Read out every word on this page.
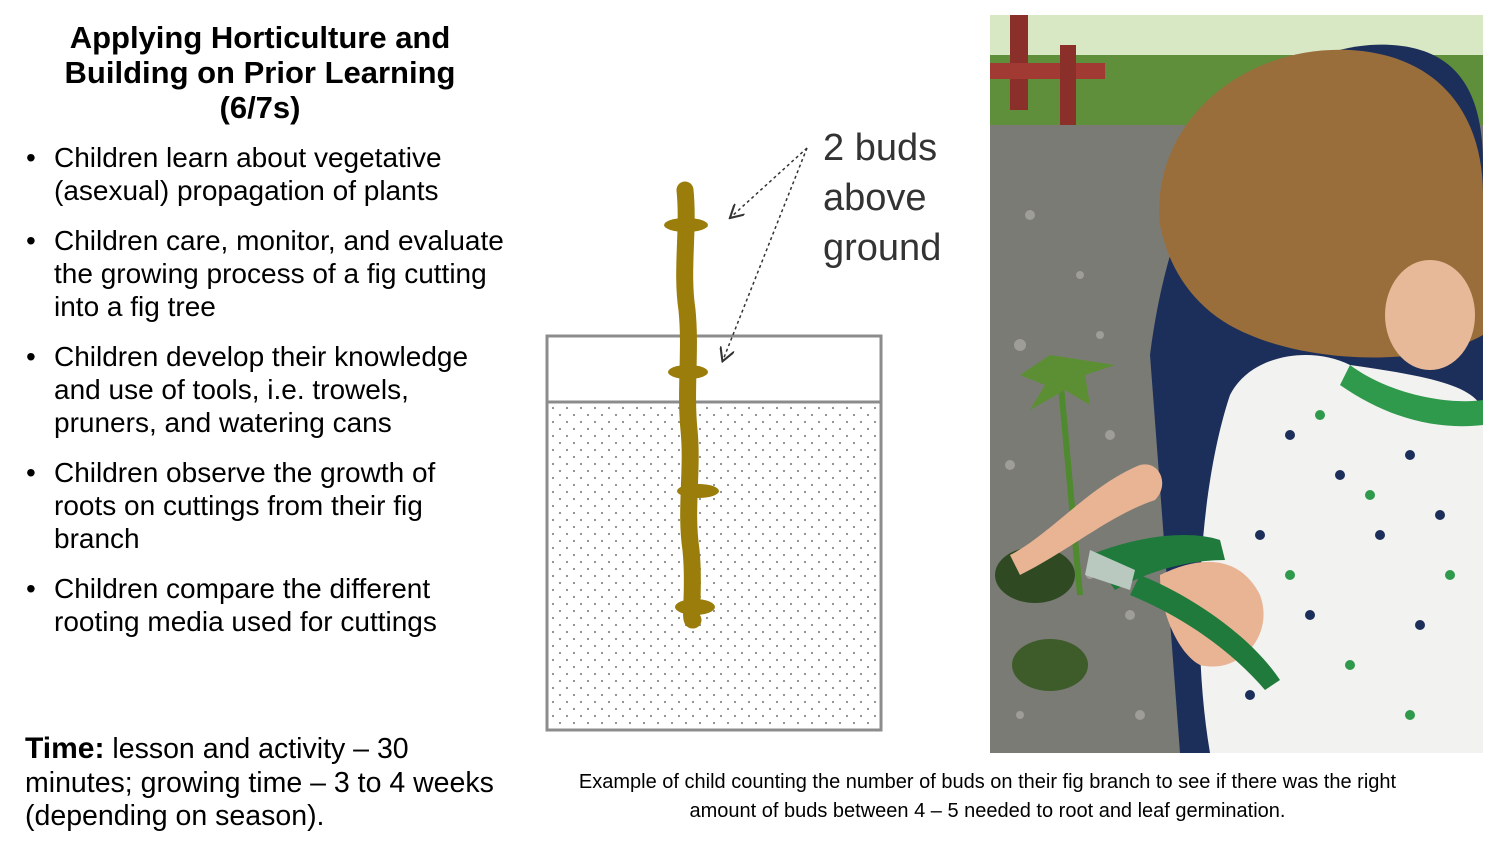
Applying Horticulture and
Building on Prior Learning
(6/7s)
• Children learn about vegetative (asexual) propagation of plants
• Children care, monitor, and evaluate the growing process of a fig cutting into a fig tree
• Children develop their knowledge and use of tools, i.e. trowels, pruners, and watering cans
• Children observe the growth of roots on cuttings from their fig branch
• Children compare the different rooting media used for cuttings
Time: lesson and activity – 30 minutes; growing time – 3 to 4 weeks (depending on season).
2 buds
above
ground
Example of child counting the number of buds on their fig branch to see if there was the right
amount of buds between 4 – 5 needed to root and leaf germination.
